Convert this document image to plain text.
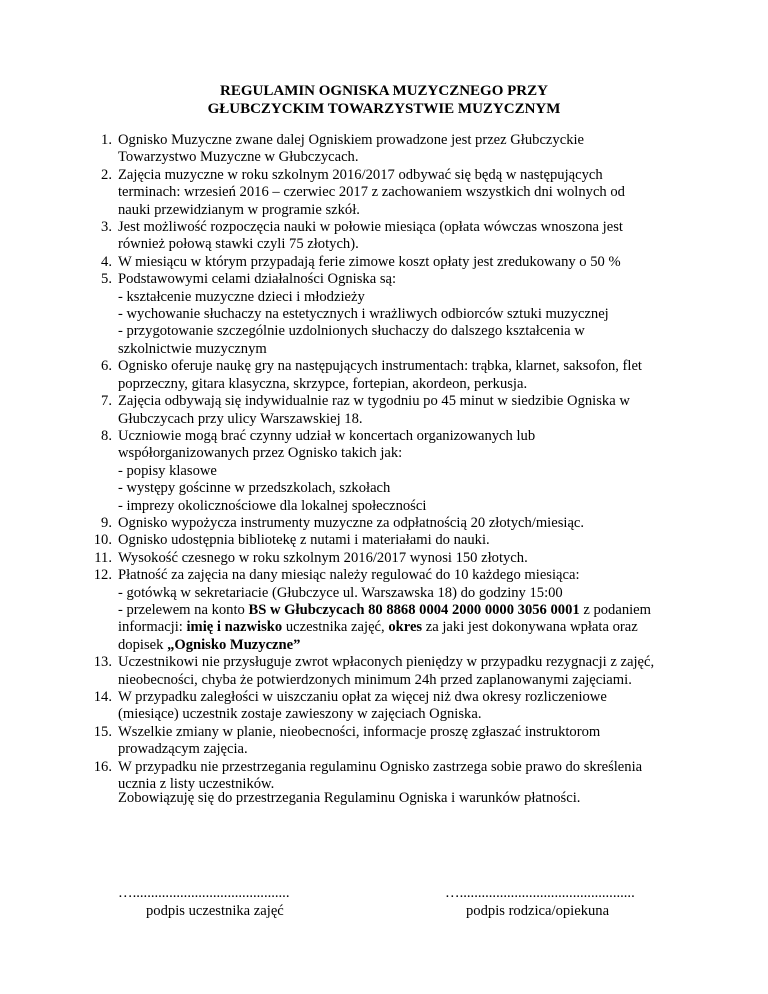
REGULAMIN OGNISKA MUZYCZNEGO PRZY
GŁUBCZYCKIM TOWARZYSTWIE MUZYCZNYM
1. Ognisko Muzyczne zwane dalej Ogniskiem prowadzone jest przez Głubczyckie
Towarzystwo Muzyczne w Głubczycach.
2. Zajęcia muzyczne w roku szkolnym 2016/2017 odbywać się będą w następujących
terminach: wrzesień 2016 – czerwiec 2017 z zachowaniem wszystkich dni wolnych od
nauki przewidzianym w programie szkół.
3. Jest możliwość rozpoczęcia nauki w połowie miesiąca (opłata wówczas wnoszona jest
również połową stawki czyli 75 złotych).
4. W miesiącu w którym przypadają ferie zimowe koszt opłaty jest zredukowany o 50 %
5. Podstawowymi celami działalności Ogniska są:
- kształcenie muzyczne dzieci i młodzieży
- wychowanie słuchaczy na estetycznych i wrażliwych odbiorców sztuki muzycznej
- przygotowanie szczególnie uzdolnionych słuchaczy do dalszego kształcenia w
szkolnictwie muzycznym
6. Ognisko oferuje naukę gry na następujących instrumentach: trąbka, klarnet, saksofon, flet
poprzeczny, gitara klasyczna, skrzypce, fortepian, akordeon, perkusja.
7. Zajęcia odbywają się indywidualnie raz w tygodniu po 45 minut w siedzibie Ogniska w
Głubczycach przy ulicy Warszawskiej 18.
8. Uczniowie mogą brać czynny udział w koncertach organizowanych lub
współorganizowanych przez Ognisko takich jak:
- popisy klasowe
- występy gościnne w przedszkolach, szkołach
- imprezy okolicznościowe dla lokalnej społeczności
9. Ognisko wypożycza instrumenty muzyczne za odpłatnością 20 złotych/miesiąc.
10. Ognisko udostępnia bibliotekę z nutami i materiałami do nauki.
11. Wysokość czesnego w roku szkolnym 2016/2017 wynosi 150 złotych.
12. Płatność za zajęcia na dany miesiąc należy regulować do 10 każdego miesiąca:
- gotówką w sekretariacie (Głubczyce ul. Warszawska 18) do godziny 15:00
- przelewem na konto BS w Głubczycach 80 8868 0004 2000 0000 3056 0001 z podaniem
informacji: imię i nazwisko uczestnika zajęć, okres za jaki jest dokonywana wpłata oraz
dopisek „Ognisko Muzyczne”
13. Uczestnikowi nie przysługuje zwrot wpłaconych pieniędzy w przypadku rezygnacji z zajęć,
nieobecności, chyba że potwierdzonych minimum 24h przed zaplanowanymi zajęciami.
14. W przypadku zaległości w uiszczaniu opłat za więcej niż dwa okresy rozliczeniowe
(miesiące) uczestnik zostaje zawieszony w zajęciach Ogniska.
15. Wszelkie zmiany w planie, nieobecności, informacje proszę zgłaszać instruktorom
prowadzącym zajęcia.
16. W przypadku nie przestrzegania regulaminu Ognisko zastrzega sobie prawo do skreślenia
ucznia z listy uczestników.
Zobowiązuję się do przestrzegania Regulaminu Ogniska i warunków płatności.
…...........................................
podpis uczestnika zajęć
…................................................
podpis rodzica/opiekuna
